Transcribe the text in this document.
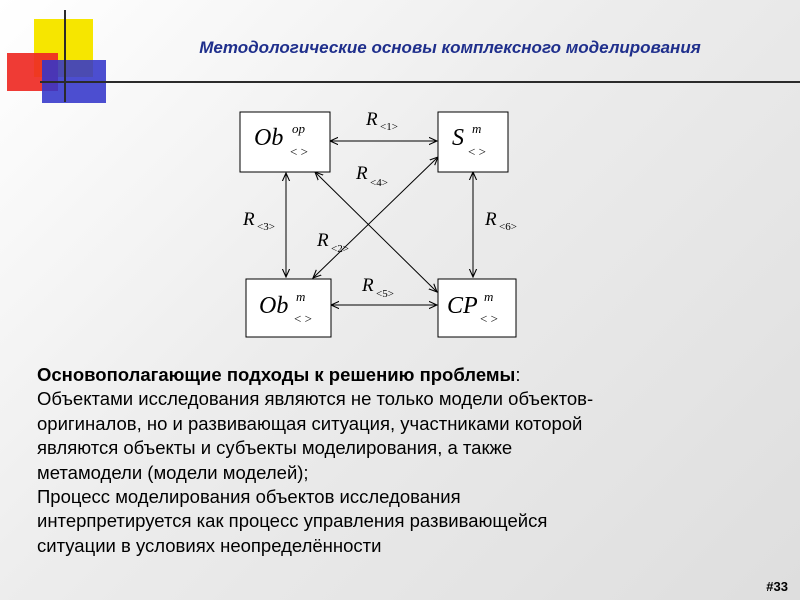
Методологические основы комплексного моделирования

Ob op
< >
S m
< >
Ob m
< >	CP m
< >
R <1>
R <4>
R <3>
R <2>
R <6>
R <5>

Основополагающие подходы к решению проблемы:

Объектами исследования являются не только модели объектов-

оригиналов, но и развивающая ситуация, участниками которой

являются объекты и субъекты моделирования, а также

метамодели (модели моделей);

Процесс моделирования объектов исследования

интерпретируется как процесс управления развивающейся

ситуации в условиях неопределённости

#33
